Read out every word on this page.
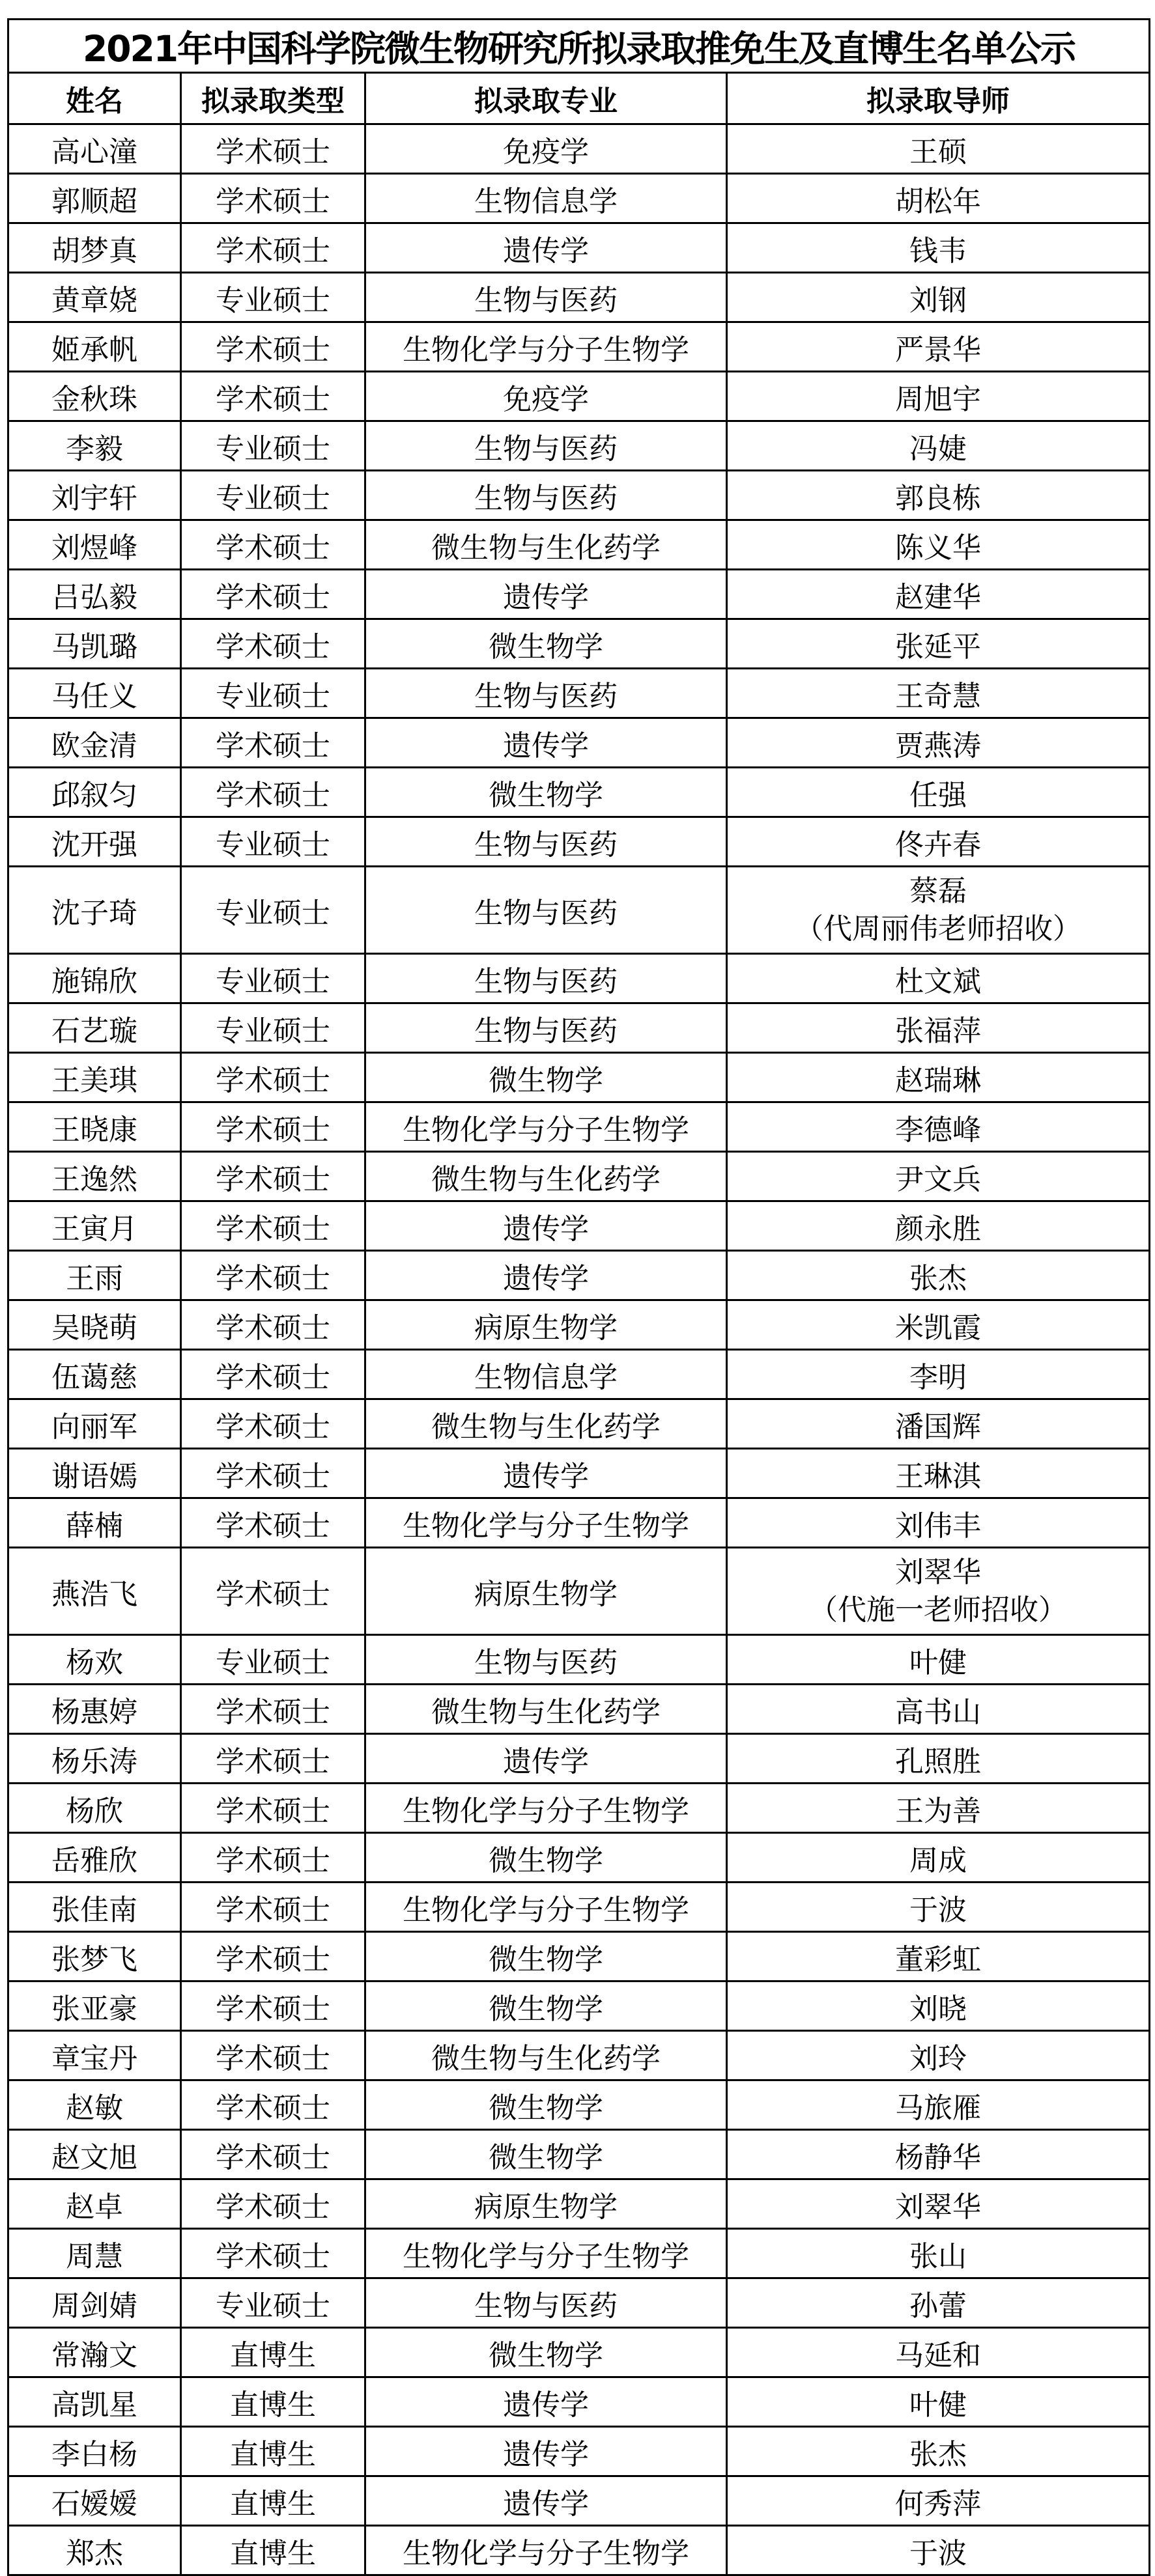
2021年中国科学院微生物研究所拟录取推免生及直博生名单公示			
姓名	拟录取类型	拟录取专业	拟录取导师
高心潼	学术硕士	免疫学	王硕
郭顺超	学术硕士	生物信息学	胡松年
胡梦真	学术硕士	遗传学	钱韦
黄章娆	专业硕士	生物与医药	刘钢
姬承帆	学术硕士	生物化学与分子生物学	严景华
金秋珠	学术硕士	免疫学	周旭宇
李毅	专业硕士	生物与医药	冯婕
刘宇轩	专业硕士	生物与医药	郭良栋
刘煜峰	学术硕士	微生物与生化药学	陈义华
吕弘毅	学术硕士	遗传学	赵建华
马凯璐	学术硕士	微生物学	张延平
马任义	专业硕士	生物与医药	王奇慧
欧金清	学术硕士	遗传学	贾燕涛
邱叙匀	学术硕士	微生物学	任强
沈开强	专业硕士	生物与医药	佟卉春
沈子琦	专业硕士	生物与医药	蔡磊
（代周丽伟老师招收）

施锦欣	专业硕士	生物与医药	杜文斌
石艺璇	专业硕士	生物与医药	张福萍
王美琪	学术硕士	微生物学	赵瑞琳
王晓康	学术硕士	生物化学与分子生物学	李德峰
王逸然	学术硕士	微生物与生化药学	尹文兵
王寅月	学术硕士	遗传学	颜永胜
王雨	学术硕士	遗传学	张杰
吴晓萌	学术硕士	病原生物学	米凯霞
伍蔼慈	学术硕士	生物信息学	李明
向丽军	学术硕士	微生物与生化药学	潘国辉
谢语嫣	学术硕士	遗传学	王琳淇
薛楠	学术硕士	生物化学与分子生物学	刘伟丰
燕浩飞	学术硕士	病原生物学	刘翠华
（代施一老师招收）

杨欢	专业硕士	生物与医药	叶健
杨惠婷	学术硕士	微生物与生化药学	高书山
杨乐涛	学术硕士	遗传学	孔照胜
杨欣	学术硕士	生物化学与分子生物学	王为善
岳雅欣	学术硕士	微生物学	周成
张佳南	学术硕士	生物化学与分子生物学	于波
张梦飞	学术硕士	微生物学	董彩虹
张亚豪	学术硕士	微生物学	刘晓
章宝丹	学术硕士	微生物与生化药学	刘玲
赵敏	学术硕士	微生物学	马旅雁
赵文旭	学术硕士	微生物学	杨静华
赵卓	学术硕士	病原生物学	刘翠华
周慧	学术硕士	生物化学与分子生物学	张山
周剑婧	专业硕士	生物与医药	孙蕾
常瀚文	直博生	微生物学	马延和
高凯星	直博生	遗传学	叶健
李白杨	直博生	遗传学	张杰
石嫒嫒	直博生	遗传学	何秀萍
郑杰	直博生	生物化学与分子生物学	于波
